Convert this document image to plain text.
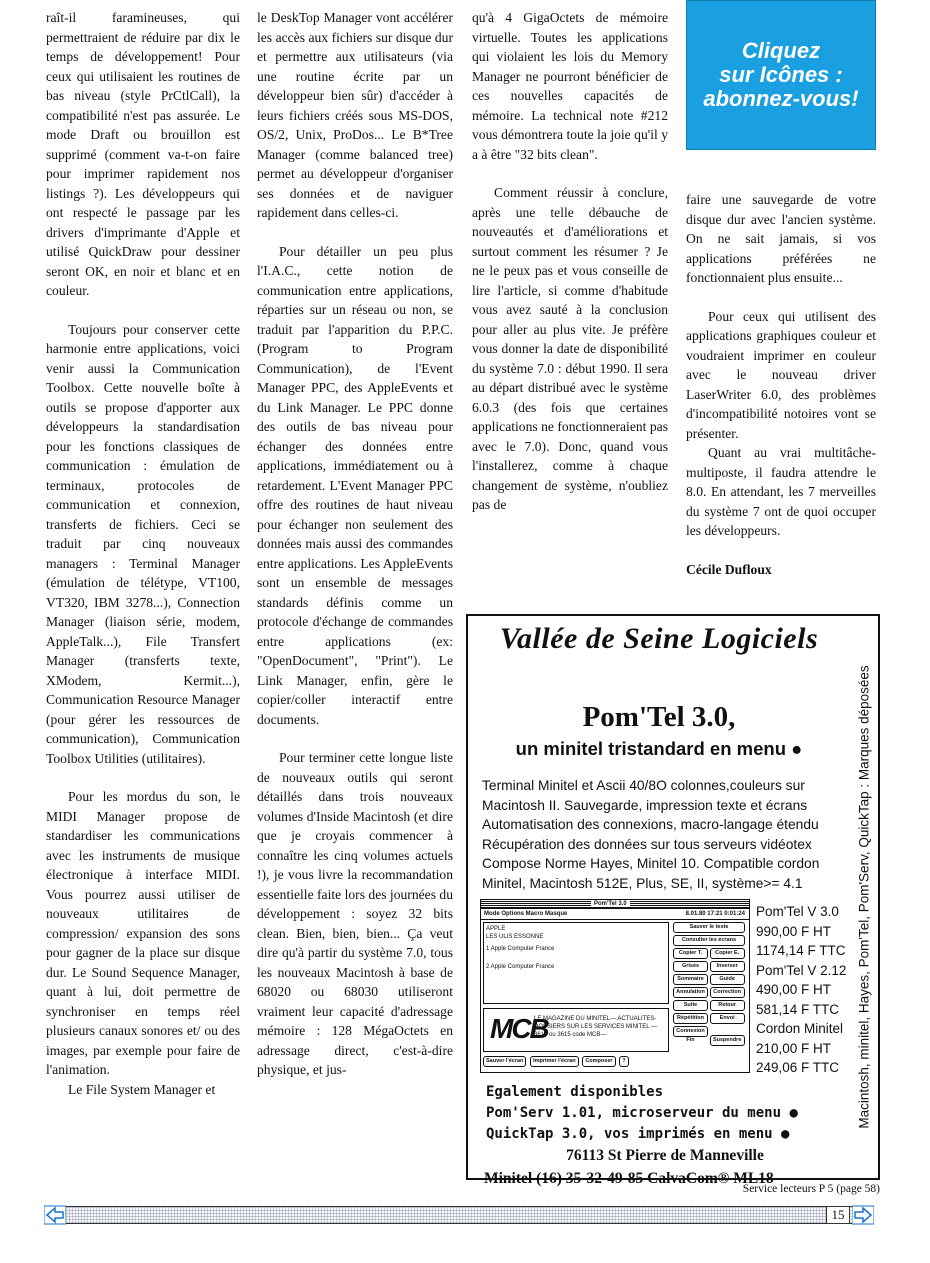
raît-il faramineuses, qui permettraient de réduire par dix le temps de développement! Pour ceux qui utilisaient les routines de bas niveau (style PrCtlCall), la compatibilité n'est pas assurée. Le mode Draft ou brouillon est supprimé (comment va-t-on faire pour imprimer rapidement nos listings ?). Les développeurs qui ont respecté le passage par les drivers d'imprimante d'Apple et utilisé QuickDraw pour dessiner seront OK, en noir et blanc et en couleur.

Toujours pour conserver cette harmonie entre applications, voici venir aussi la Communication Toolbox. Cette nouvelle boîte à outils se propose d'apporter aux développeurs la standardisation pour les fonctions classiques de communication : émulation de terminaux, protocoles de communication et connexion, transferts de fichiers. Ceci se traduit par cinq nouveaux managers : Terminal Manager (émulation de télétype, VT100, VT320, IBM 3278...), Connection Manager (liaison série, modem, AppleTalk...), File Transfert Manager (transferts texte, XModem, Kermit...), Communication Resource Manager (pour gérer les ressources de communication), Communication Toolbox Utilities (utilitaires).

Pour les mordus du son, le MIDI Manager propose de standardiser les communications avec les instruments de musique électronique à interface MIDI. Vous pourrez aussi utiliser de nouveaux utilitaires de compression/ expansion des sons pour gagner de la place sur disque dur. Le Sound Sequence Manager, quant à lui, doit permettre de synchroniser en temps réel plusieurs canaux sonores et/ ou des images, par exemple pour faire de l'animation.

Le File System Manager et

le DeskTop Manager vont accélérer les accès aux fichiers sur disque dur et permettre aux utilisateurs (via une routine écrite par un développeur bien sûr) d'accéder à leurs fichiers créés sous MS-DOS, OS/2, Unix, ProDos... Le B*Tree Manager (comme balanced tree) permet au développeur d'organiser ses données et de naviguer rapidement dans celles-ci.

Pour détailler un peu plus l'I.A.C., cette notion de communication entre applications, réparties sur un réseau ou non, se traduit par l'apparition du P.P.C. (Program to Program Communication), de l'Event Manager PPC, des AppleEvents et du Link Manager. Le PPC donne des outils de bas niveau pour échanger des données entre applications, immédiatement ou à retardement. L'Event Manager PPC offre des routines de haut niveau pour échanger non seulement des données mais aussi des commandes entre applications. Les AppleEvents sont un ensemble de messages standards définis comme un protocole d'échange de commandes entre applications (ex: "OpenDocument", "Print"). Le Link Manager, enfin, gère le copier/coller interactif entre documents.

Pour terminer cette longue liste de nouveaux outils qui seront détaillés dans trois nouveaux volumes d'Inside Macintosh (et dire que je croyais commencer à connaître les cinq volumes actuels !), je vous livre la recommandation essentielle faite lors des journées du développement : soyez 32 bits clean. Bien, bien, bien... Ça veut dire qu'à partir du système 7.0, tous les nouveaux Macintosh à base de 68020 ou 68030 utiliseront vraiment leur capacité d'adressage mémoire : 128 MégaOctets en adressage direct, c'est-à-dire physique, et jus-

qu'à 4 GigaOctets de mémoire virtuelle. Toutes les applications qui violaient les lois du Memory Manager ne pourront bénéficier de ces nouvelles capacités de mémoire. La technical note #212 vous démontrera toute la joie qu'il y a à être "32 bits clean".

Comment réussir à conclure, après une telle débauche de nouveautés et d'améliorations et surtout comment les résumer ? Je ne le peux pas et vous conseille de lire l'article, si comme d'habitude vous avez sauté à la conclusion pour aller au plus vite. Je préfère vous donner la date de disponibilité du système 7.0 : début 1990. Il sera au départ distribué avec le système 6.0.3 (des fois que certaines applications ne fonctionneraient pas avec le 7.0). Donc, quand vous l'installerez, comme à chaque changement de système, n'oubliez pas de

Cliquez
sur Icônes :
abonnez-vous!

faire une sauvegarde de votre disque dur avec l'ancien système. On ne sait jamais, si vos applications préférées ne fonctionnaient plus ensuite...

Pour ceux qui utilisent des applications graphiques couleur et voudraient imprimer en couleur avec le nouveau driver LaserWriter 6.0, des problèmes d'incompatibilité notoires vont se présenter.

Quant au vrai multitâche-multiposte, il faudra attendre le 8.0. En attendant, les 7 merveilles du système 7 ont de quoi occuper les développeurs.

Cécile Dufloux
Vallée de Seine Logiciels
Pom'Tel 3.0,
un minitel tristandard en menu ●
Terminal Minitel et Ascii 40/8O colonnes,couleurs sur
Macintosh II. Sauvegarde, impression texte et écrans
Automatisation des connexions, macro-langage étendu
Récupération des données sur tous serveurs vidéotex
Compose Norme Hayes, Minitel 10. Compatible cordon
Minitel, Macintosh 512E, Plus, SE, II, système>= 4.1
Pom'Tel 3.0
Mode Options Macro Masque	8.01.80 17:21 0:01:24
APPLE
LES ULIS ESSONNE
1 Apple Computer France
2 Apple Computer France
MCB
LE MAGAZINE DU MINITEL— ACTUALITES-DOSSIERS SUR LES SERVICES MINITEL —3614 ou 3615 code MCB—
Sauver le texte Consulter les écrans Copier T. Copier E. Grisés	Inverser Sommaire	Guide Annulation Correction Suite	Retour Répétition	Envoi Connexion Fin	Suspendre
Sauver l'écran Imprimer l'écran Composer ?
Pom'Tel V 3.0
990,00 F HT
1174,14 F TTC
Pom'Tel V 2.12
490,00 F HT
581,14 F TTC
Cordon Minitel
210,00 F HT
249,06 F TTC
Egalement disponibles
Pom'Serv 1.01, microserveur du menu ●
QuickTap 3.0, vos imprimés en menu ●
76113 St Pierre de Manneville
Minitel (16) 35-32-49-85 CalvaCom® ML18
Macintosh, minitel, Hayes, Pom'Tel, Pom'Serv, QuickTap : Marques déposées
Service lecteurs P 5 (page 58)
15
